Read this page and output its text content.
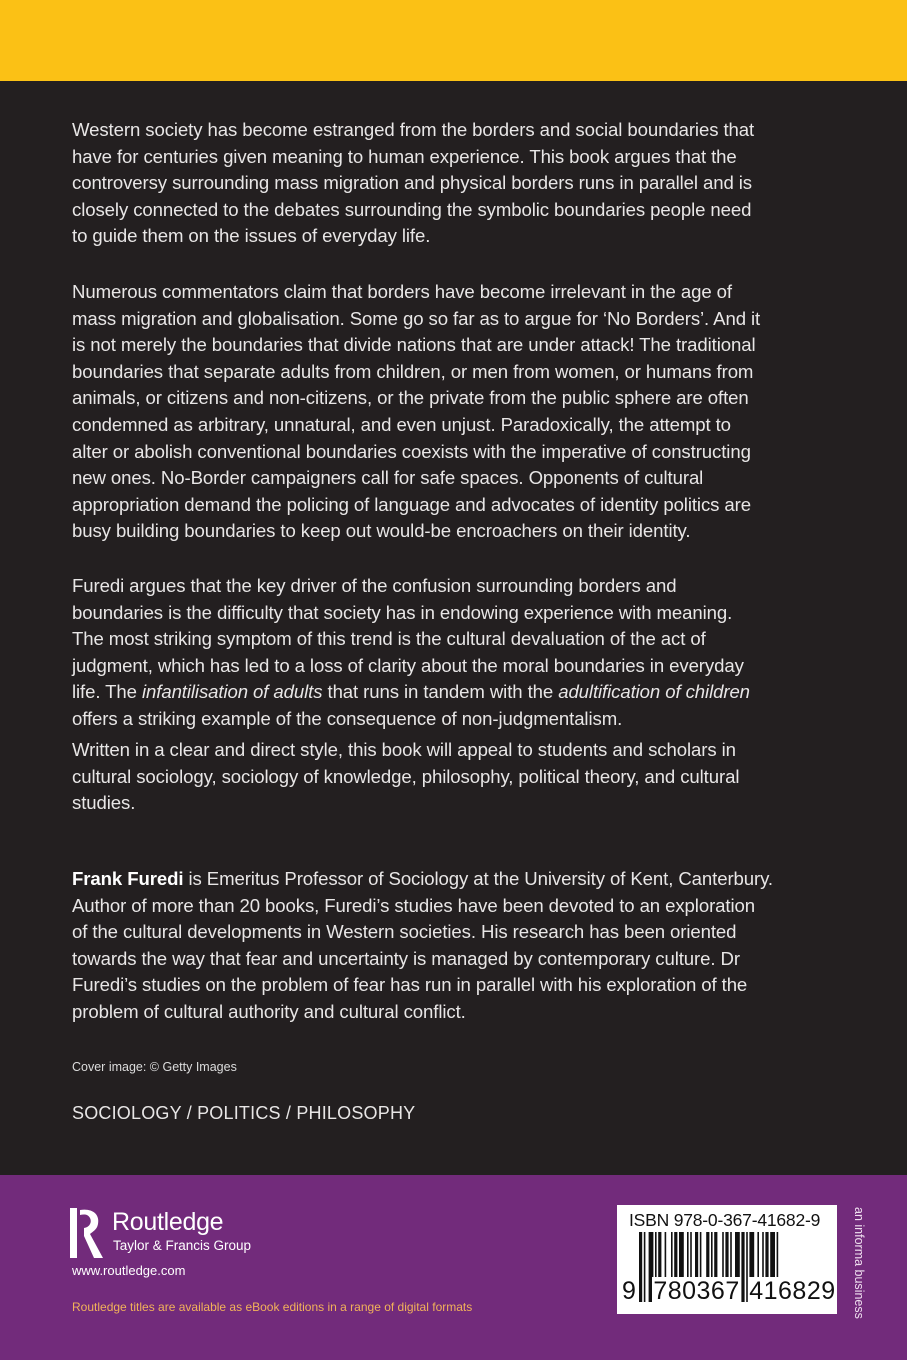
Western society has become estranged from the borders and social boundaries that
have for centuries given meaning to human experience. This book argues that the
controversy surrounding mass migration and physical borders runs in parallel and is
closely connected to the debates surrounding the symbolic boundaries people need
to guide them on the issues of everyday life.
Numerous commentators claim that borders have become irrelevant in the age of
mass migration and globalisation. Some go so far as to argue for ‘No Borders’. And it
is not merely the boundaries that divide nations that are under attack! The traditional
boundaries that separate adults from children, or men from women, or humans from
animals, or citizens and non-citizens, or the private from the public sphere are often
condemned as arbitrary, unnatural, and even unjust. Paradoxically, the attempt to
alter or abolish conventional boundaries coexists with the imperative of constructing
new ones. No-Border campaigners call for safe spaces. Opponents of cultural
appropriation demand the policing of language and advocates of identity politics are
busy building boundaries to keep out would-be encroachers on their identity.
Furedi argues that the key driver of the confusion surrounding borders and
boundaries is the difficulty that society has in endowing experience with meaning.
The most striking symptom of this trend is the cultural devaluation of the act of
judgment, which has led to a loss of clarity about the moral boundaries in everyday
life. The infantilisation of adults that runs in tandem with the adultification of children
offers a striking example of the consequence of non-judgmentalism.
Written in a clear and direct style, this book will appeal to students and scholars in
cultural sociology, sociology of knowledge, philosophy, political theory, and cultural
studies.
Frank Furedi is Emeritus Professor of Sociology at the University of Kent, Canterbury.
Author of more than 20 books, Furedi’s studies have been devoted to an exploration
of the cultural developments in Western societies. His research has been oriented
towards the way that fear and uncertainty is managed by contemporary culture. Dr
Furedi’s studies on the problem of fear has run in parallel with his exploration of the
problem of cultural authority and cultural conflict.
Cover image: © Getty Images
SOCIOLOGY / POLITICS / PHILOSOPHY
Routledge
Taylor & Francis Group
www.routledge.com
Routledge titles are available as eBook editions in a range of digital formats
ISBN 978-0-367-41682-9
9 780367 416829 an informa business
